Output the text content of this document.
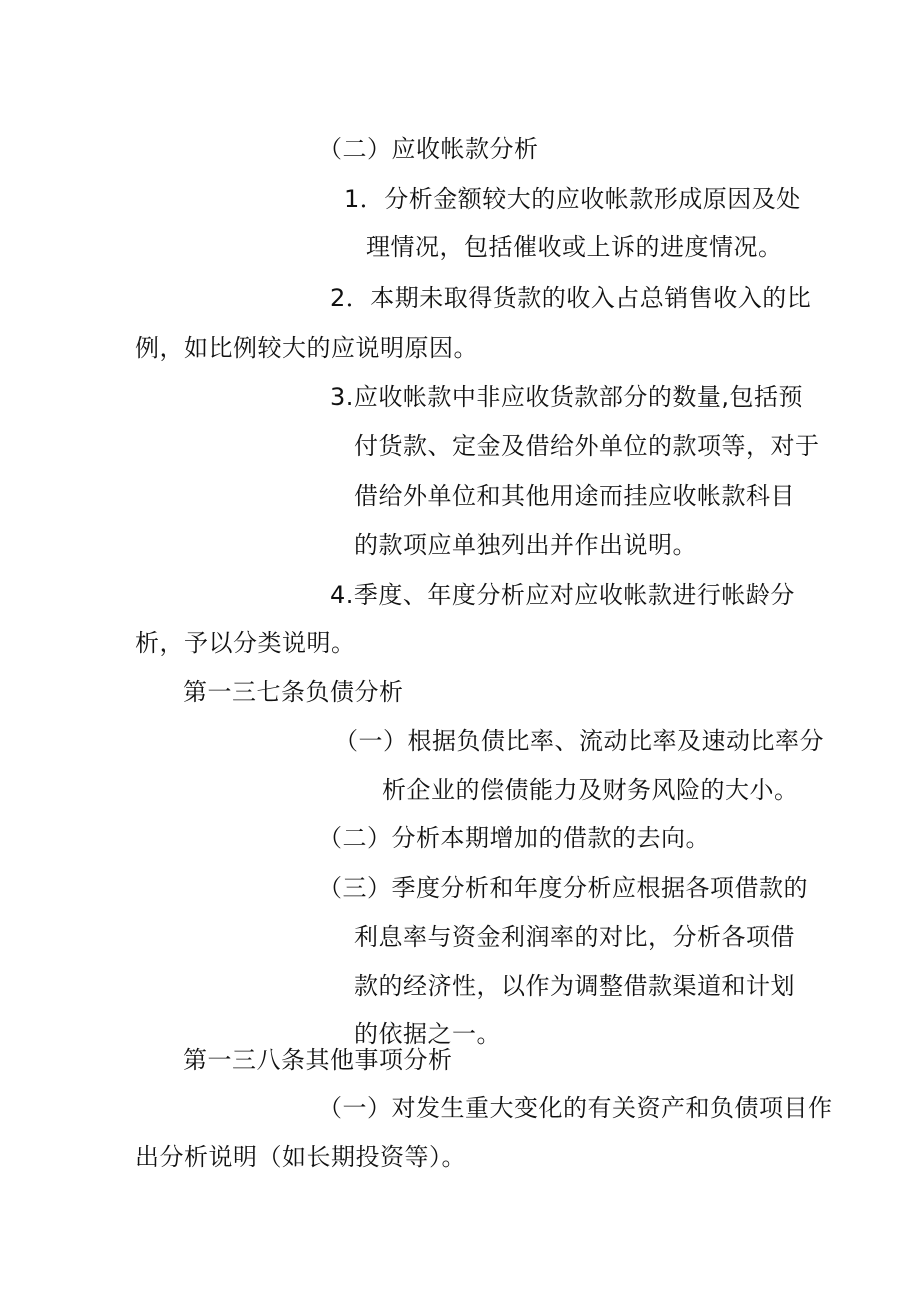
（二）应收帐款分析
1．分析金额较大的应收帐款形成原因及处
理情况，包括催收或上诉的进度情况。
2．本期未取得货款的收入占总销售收入的比
例，如比例较大的应说明原因。
3.应收帐款中非应收货款部分的数量,包括预
付货款、定金及借给外单位的款项等，对于
借给外单位和其他用途而挂应收帐款科目
的款项应单独列出并作出说明。
4.季度、年度分析应对应收帐款进行帐龄分
析，予以分类说明。
第一三七条负债分析
（一）根据负债比率、流动比率及速动比率分
析企业的偿债能力及财务风险的大小。
（二）分析本期增加的借款的去向。
（三）季度分析和年度分析应根据各项借款的
利息率与资金利润率的对比，分析各项借
款的经济性，以作为调整借款渠道和计划
的依据之一。
第一三八条其他事项分析
（一）对发生重大变化的有关资产和负债项目作
出分析说明（如长期投资等）。
